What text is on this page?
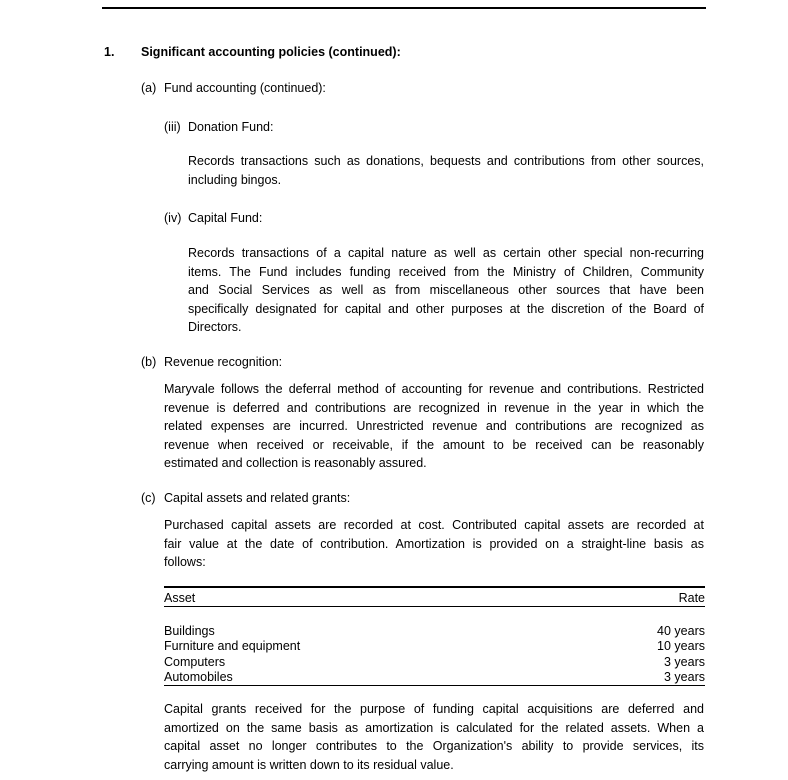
1. Significant accounting policies (continued):
(a) Fund accounting (continued):
(iii) Donation Fund:
Records transactions such as donations, bequests and contributions from other sources,
including bingos.
(iv) Capital Fund:
Records transactions of a capital nature as well as certain other special non-recurring
items. The Fund includes funding received from the Ministry of Children, Community
and Social Services as well as from miscellaneous other sources that have been
specifically designated for capital and other purposes at the discretion of the Board of
Directors.
(b) Revenue recognition:
Maryvale follows the deferral method of accounting for revenue and contributions. Restricted
revenue is deferred and contributions are recognized in revenue in the year in which the
related expenses are incurred. Unrestricted revenue and contributions are recognized as
revenue when received or receivable, if the amount to be received can be reasonably
estimated and collection is reasonably assured.
(c) Capital assets and related grants:
Purchased capital assets are recorded at cost. Contributed capital assets are recorded at
fair value at the date of contribution. Amortization is provided on a straight-line basis as
follows:
Asset	Rate

Buildings	40 years
Furniture and equipment	10 years
Computers	3 years
Automobiles	3 years
Capital grants received for the purpose of funding capital acquisitions are deferred and
amortized on the same basis as amortization is calculated for the related assets. When a
capital asset no longer contributes to the Organization's ability to provide services, its
carrying amount is written down to its residual value.
